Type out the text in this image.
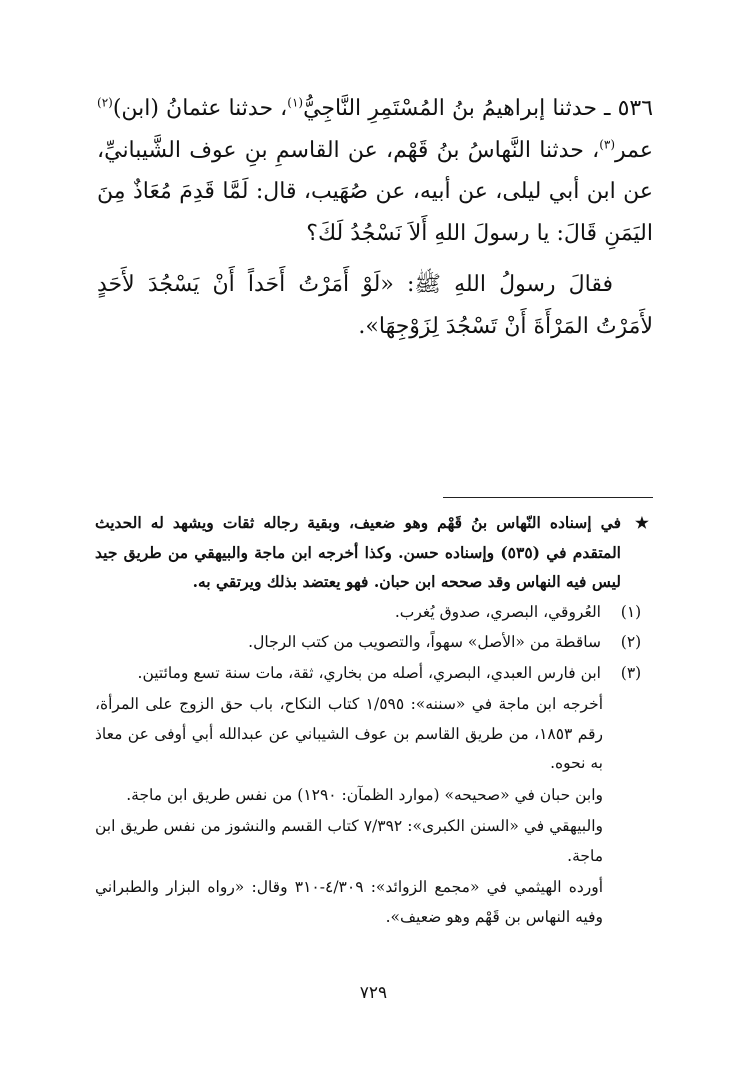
٥٣٦ ـ حدثنا إبراهيمُ بنُ المُسْتَمِرِ النَّاجِيُّ$^{(١)}$، حدثنا عثمانُ (ابن)$^{(٢)}$ عمر$^{(٣)}$، حدثنا النَّهاسُ بنُ قَهْم، عن القاسمِ بنِ عوف الشَّيبانيِّ، عن ابن أبي ليلى، عن أبيه، عن صُهَيب، قال: لَمَّا قَدِمَ مُعَاذٌ مِنَ اليَمَنِ قَالَ: يا رسولَ اللهِ أَلاَ نَسْجُدُ لَكَ؟

فقالَ رسولُ اللهِ ﷺ: «لَوْ أَمَرْتُ أَحَداً أَنْ يَسْجُدَ لأَحَدٍ لأَمَرْتُ المَرْأَةَ أَنْ تَسْجُدَ لِزَوْجِهَا».

★
في إسناده النّهاس بنُ قَهْم وهو ضعيف، وبقية رجاله ثقات ويشهد له الحديث المتقدم في (٥٣٥) وإسناده حسن. وكذا أخرجه ابن ماجة والبيهقي من طريق جيد ليس فيه النهاس وقد صححه ابن حبان. فهو يعتضد بذلك ويرتقي به.
(١)
العُروقي، البصري، صدوق يُغرب.
(٢)
ساقطة من «الأصل» سهواً، والتصويب من كتب الرجال.
(٣)
ابن فارس العبدي، البصري، أصله من بخاري، ثقة، مات سنة تسع ومائتين.
أخرجه ابن ماجة في «سننه»: ١/٥٩٥ كتاب النكاح، باب حق الزوج على المرأة، رقم ١٨٥٣، من طريق القاسم بن عوف الشيباني عن عبدالله أبي أوفى عن معاذ به نحوه.
وابن حبان في «صحيحه» (موارد الظمآن: ١٢٩٠) من نفس طريق ابن ماجة.
والبيهقي في «السنن الكبرى»: ٧/٣٩٢ كتاب القسم والنشوز من نفس طريق ابن ماجة.
أورده الهيثمي في «مجمع الزوائد»: ٤/٣٠٩-٣١٠ وقال: «رواه البزار والطبراني وفيه النهاس بن قَهْم وهو ضعيف».
٧٢٩
